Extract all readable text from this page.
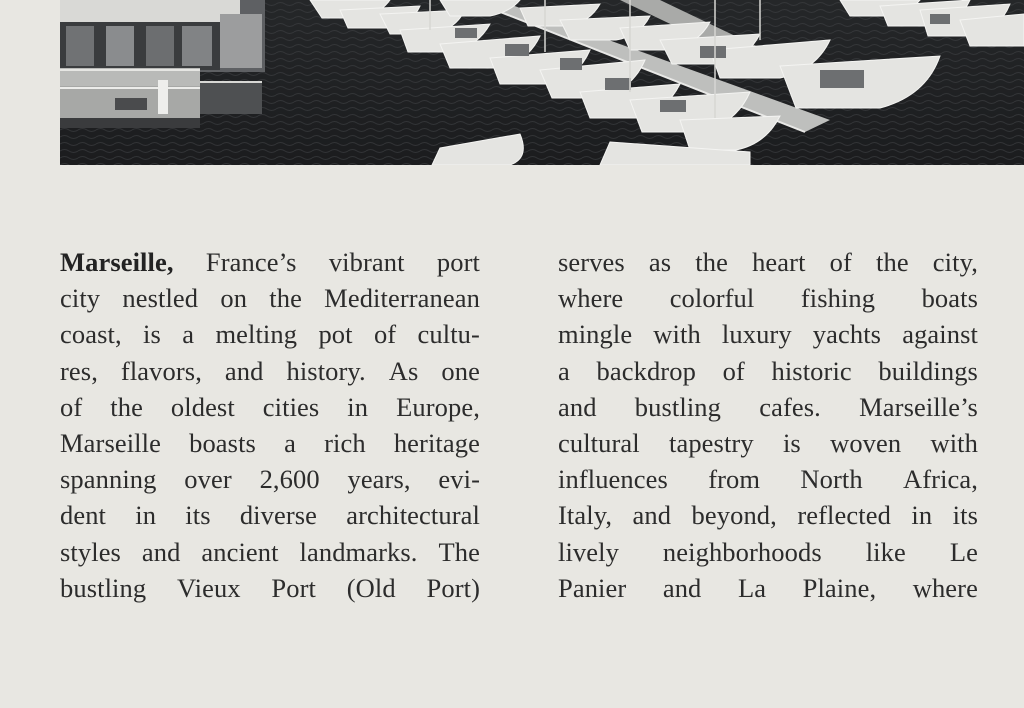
Marseille, France’s vibrant port
city nestled on the Mediterranean
coast, is a melting pot of cultu-
res, flavors, and history. As one
of the oldest cities in Europe,
Marseille boasts a rich heritage
spanning over 2,600 years, evi-
dent in its diverse architectural
styles and ancient landmarks. The
bustling Vieux Port (Old Port)
serves as the heart of the city,
where colorful fishing boats
mingle with luxury yachts against
a backdrop of historic buildings
and bustling cafes. Marseille’s
cultural tapestry is woven with
influences from North Africa,
Italy, and beyond, reflected in its
lively neighborhoods like Le
Panier and La Plaine, where
